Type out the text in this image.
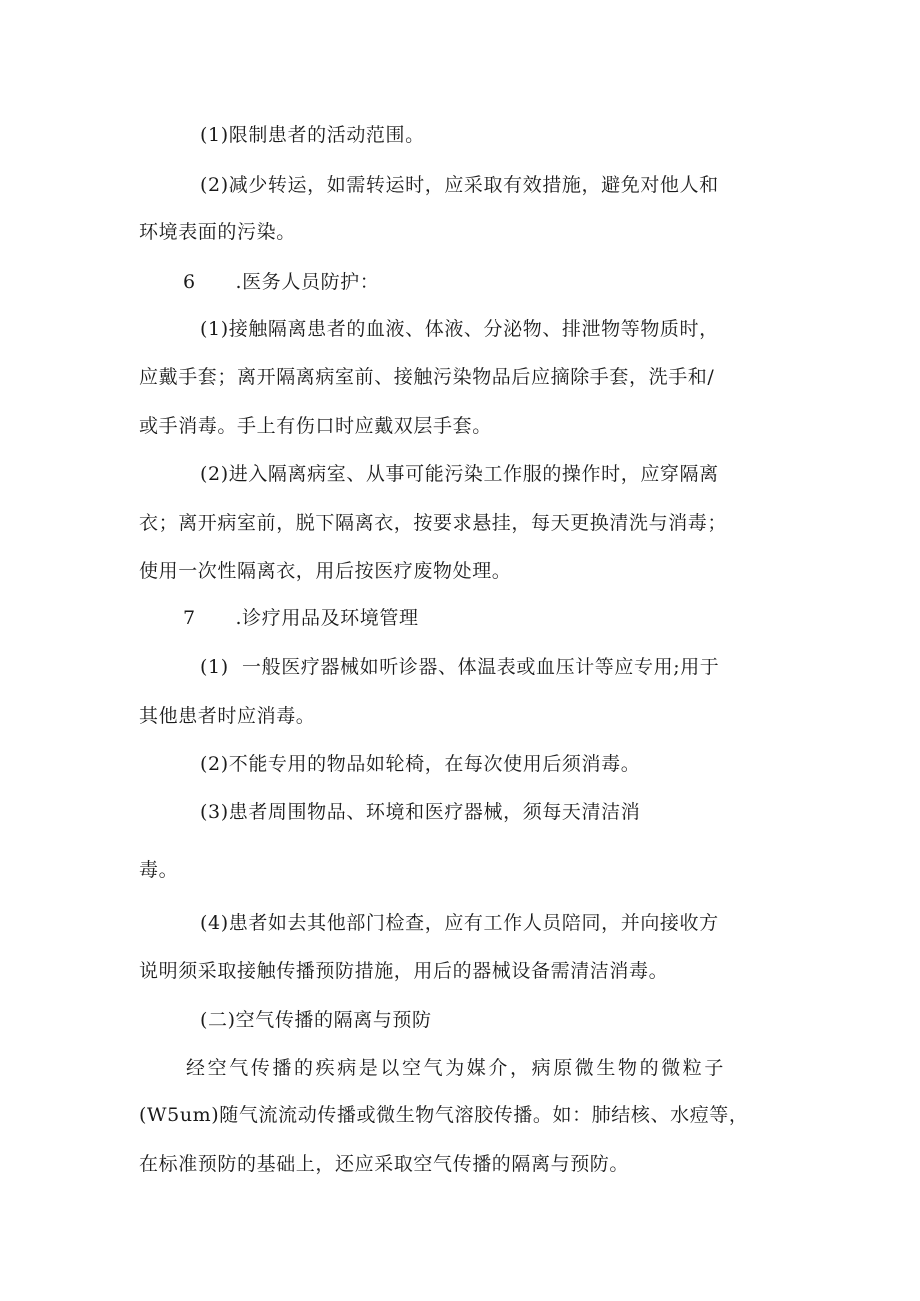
(1)限制患者的活动范围。
(2)减少转运，如需转运时，应采取有效措施，避免对他人和
环境表面的污染。
6      .医务人员防护：
(1)接触隔离患者的血液、体液、分泌物、排泄物等物质时，
应戴手套；离开隔离病室前、接触污染物品后应摘除手套，洗手和/
或手消毒。手上有伤口时应戴双层手套。
(2)进入隔离病室、从事可能污染工作服的操作时，应穿隔离
衣；离开病室前，脱下隔离衣，按要求悬挂，每天更换清洗与消毒；
使用一次性隔离衣，用后按医疗废物处理。
7      .诊疗用品及环境管理
(1)  一般医疗器械如听诊器、体温表或血压计等应专用;用于
其他患者时应消毒。
(2)不能专用的物品如轮椅，在每次使用后须消毒。
(3)患者周围物品、环境和医疗器械，须每天清洁消
毒。
(4)患者如去其他部门检查，应有工作人员陪同，并向接收方
说明须采取接触传播预防措施，用后的器械设备需清洁消毒。
(二)空气传播的隔离与预防
经空气传播的疾病是以空气为媒介，病原微生物的微粒子
(W5um)随气流流动传播或微生物气溶胶传播。如：肺结核、水痘等，
在标准预防的基础上，还应采取空气传播的隔离与预防。
